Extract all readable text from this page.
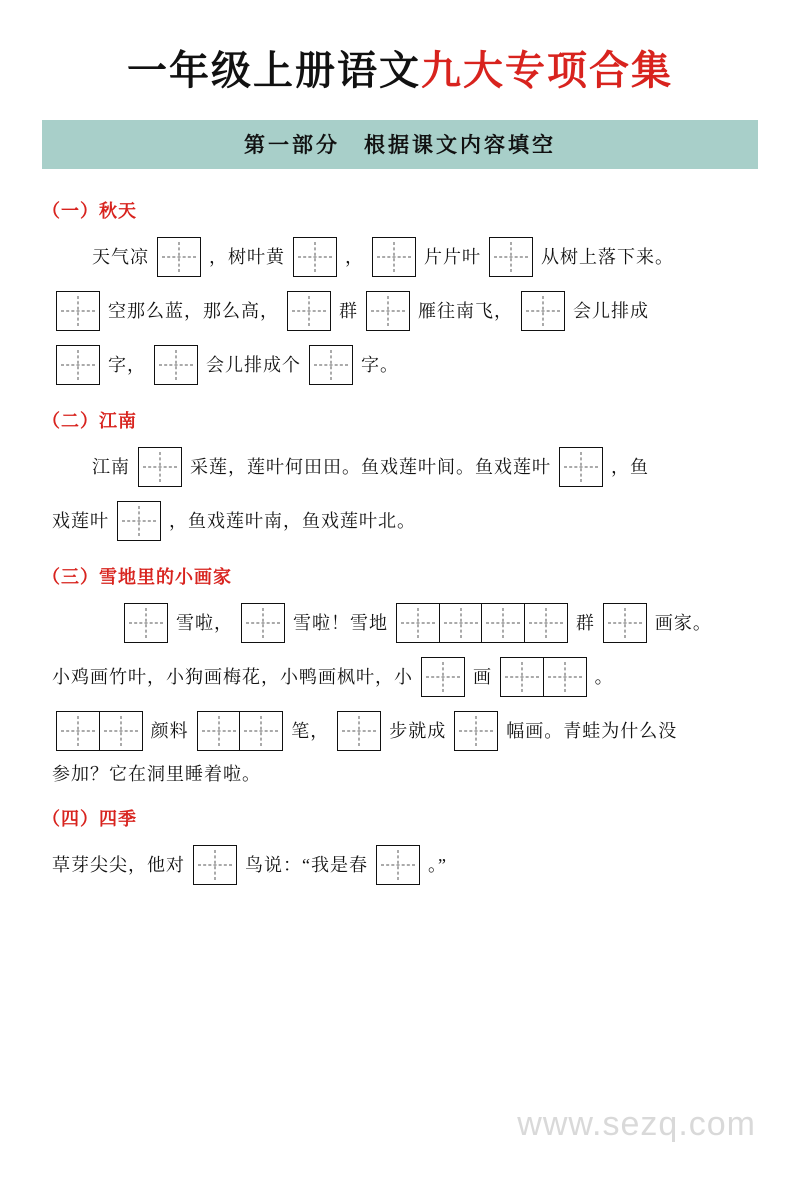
一年级上册语文九大专项合集
第一部分　根据课文内容填空
（一）秋天
天气凉	，树叶黄	，	片片叶	从树上落下来。
空那么蓝，那么高，	群	雁往南飞，	会儿排成
字，	会儿排成个	字。
（二）江南
江南	采莲，莲叶何田田。鱼戏莲叶间。鱼戏莲叶	，鱼
戏莲叶	，鱼戏莲叶南，鱼戏莲叶北。
（三）雪地里的小画家
雪啦，	雪啦！雪地	群	画家。
小鸡画竹叶，小狗画梅花，小鸭画枫叶，小	画	。
颜料	笔，	步就成	幅画。青蛙为什么没
参加？它在洞里睡着啦。
（四）四季
草芽尖尖，他对	鸟说：“我是春	。”
www.sezq.com
